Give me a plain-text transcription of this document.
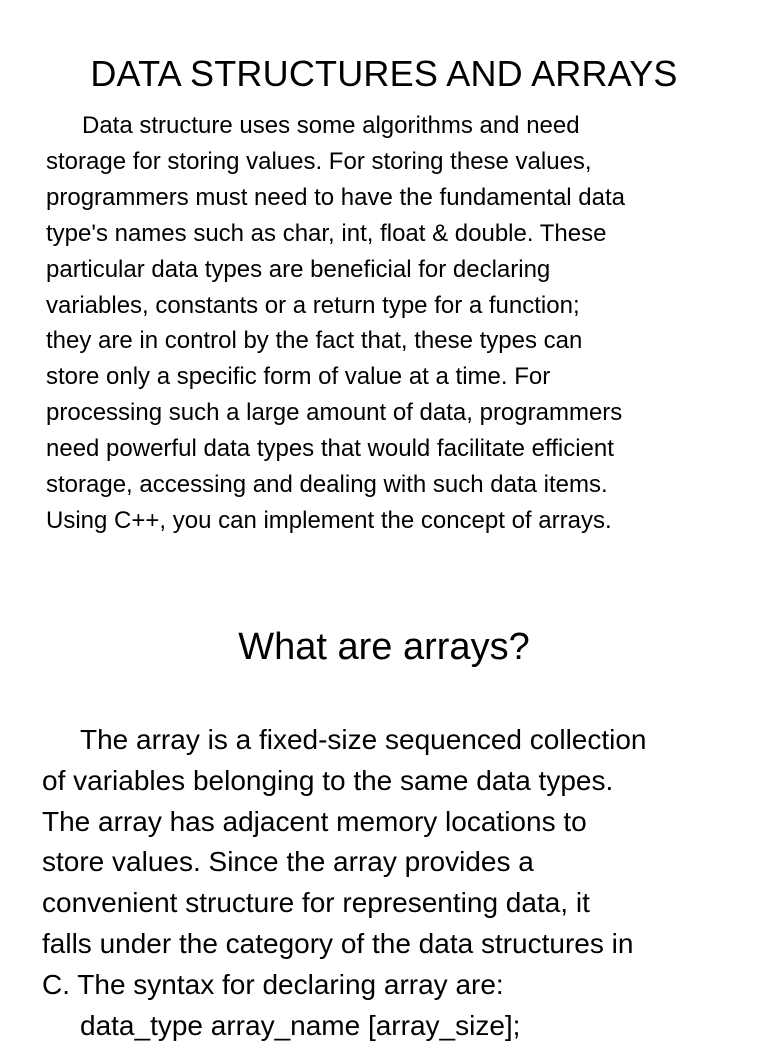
DATA STRUCTURES AND ARRAYS
Data structure uses some algorithms and need
storage for storing values. For storing these values,
programmers must need to have the fundamental data
type's names such as char, int, float & double. These
particular data types are beneficial for declaring
variables, constants or a return type for a function;
they are in control by the fact that, these types can
store only a specific form of value at a time. For
processing such a large amount of data, programmers
need powerful data types that would facilitate efficient
storage, accessing and dealing with such data items.
Using C++, you can implement the concept of arrays.
What are arrays?
The array is a fixed-size sequenced collection
of variables belonging to the same data types.
The array has adjacent memory locations to
store values. Since the array provides a
convenient structure for representing data, it
falls under the category of the data structures in
C. The syntax for declaring array are:
data_type array_name [array_size];
